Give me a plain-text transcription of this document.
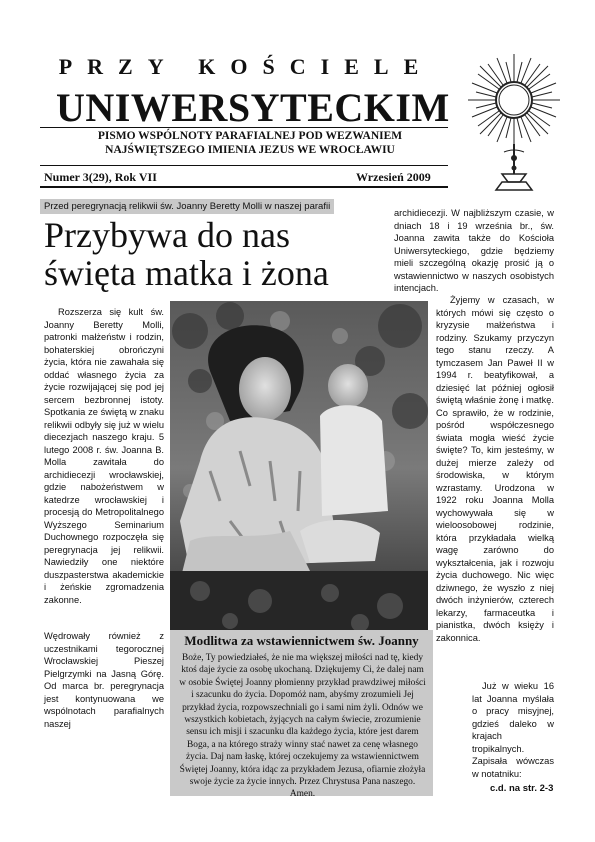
PRZY KOŚCIELE
UNIWERSYTECKIM
PISMO WSPÓLNOTY PARAFIALNEJ POD WEZWANIEM
NAJŚWIĘTSZEGO IMIENIA JEZUS WE WROCŁAWIU
Numer 3(29), Rok VII	Wrzesień 2009
Przed peregrynacją relikwii św. Joanny Beretty Molli w naszej parafii
Przybywa do nas
święta matka i żona

Rozszerza się kult św. Joanny Beretty Molli, patronki małżeństw i rodzin, bohaterskiej obrończyni życia, która nie zawahała się oddać własnego życia za życie rozwijającej się pod jej sercem bezbronnej istoty. Spotkania ze świętą w znaku relikwii odbyły się już w wielu diecezjach naszego kraju. 5 lutego 2008 r. św. Joanna B. Molla zawitała do archidiecezji wrocławskiej, gdzie nabożeństwem w katedrze wrocławskiej i procesją do Metropolitalnego Wyższego Seminarium Duchownego rozpoczęła się peregrynacja jej relikwii. Nawiedziły one niektóre duszpasterstwa akademickie i żeńskie zgromadzenia zakonne.

Wędrowały również z uczestnikami tegorocznej Wrocławskiej Pieszej Pielgrzymki na Jasną Górę. Od marca br. peregrynacja jest kontynuowana we wspólnotach parafialnych naszej

archidiecezji. W najbliższym czasie, w dniach 18 i 19 września br., św. Joanna zawita także do Kościoła Uniwersyteckiego, gdzie będziemy mieli szczególną okazję prosić ją o wstawiennictwo w naszych osobistych intencjach.

Żyjemy w czasach, w których mówi się często o kryzysie małżeństwa i rodziny. Szukamy przyczyn tego stanu rzeczy. A tymczasem Jan Paweł II w 1994 r. beatyfikował, a dziesięć lat później ogłosił świętą właśnie żonę i matkę. Co sprawiło, że w rodzinie, pośród współczesnego świata mogła wieść życie święte? To, kim jesteśmy, w dużej mierze zależy od środowiska, w którym wzrastamy. Urodzona w 1922 roku Joanna Molla wychowywała się w wieloosobowej rodzinie, która przykładała wielką wagę zarówno do wykształcenia, jak i rozwoju życia duchowego. Nic więc dziwnego, że wyszło z niej dwóch inżynierów, czterech lekarzy, farmaceutka i pianistka, dwóch księży i zakonnica.

Już w wieku 16 lat Joanna myślała o pracy misyjnej, gdzieś daleko w krajach tropikalnych. Zapisała wówczas w notatniku:

c.d. na str. 2-3
Modlitwa za wstawiennictwem św. Joanny

Boże, Ty powiedziałeś, że nie ma większej miłości nad tę, kiedy ktoś daje życie za osobę ukochaną. Dziękujemy Ci, że dalej nam w osobie Świętej Joanny płomienny przykład prawdziwej miłości i szacunku do życia. Dopomóż nam, abyśmy zrozumieli Jej przykład życia, rozpowszechniali go i sami nim żyli. Odnów we wszystkich kobietach, żyjących na całym świecie, zrozumienie sensu ich misji i szacunku dla każdego życia, które jest darem Boga, a na którego straży winny stać nawet za cenę własnego życia. Daj nam łaskę, której oczekujemy za wstawiennictwem Świętej Joanny, która idąc za przykładem Jezusa, ofiarnie złożyła swoje życie za życie innych. Przez Chrystusa Pana naszego. Amen.
